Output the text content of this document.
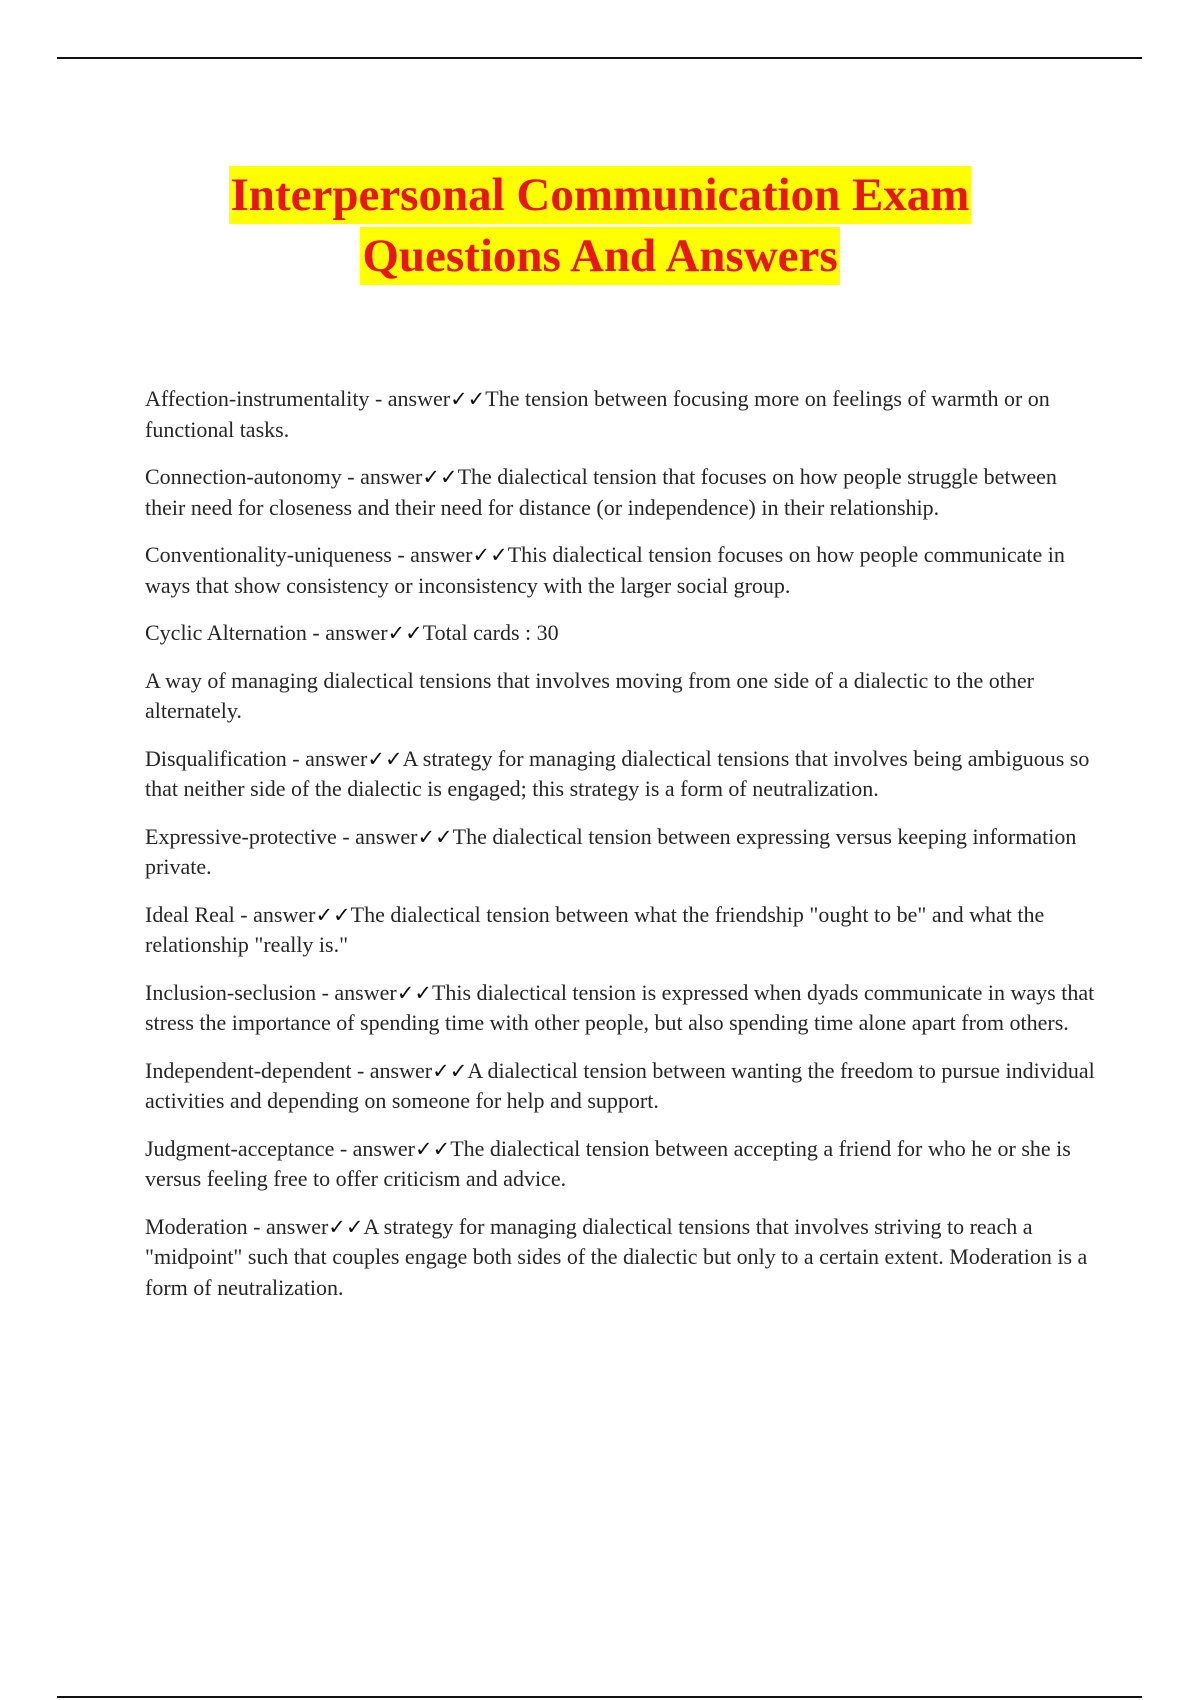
Interpersonal Communication Exam
Questions And Answers

Affection-instrumentality - answer✓✓The tension between focusing more on feelings of warmth or on functional tasks.

Connection-autonomy - answer✓✓The dialectical tension that focuses on how people struggle between their need for closeness and their need for distance (or independence) in their relationship.

Conventionality-uniqueness - answer✓✓This dialectical tension focuses on how people communicate in ways that show consistency or inconsistency with the larger social group.

Cyclic Alternation - answer✓✓Total cards : 30

A way of managing dialectical tensions that involves moving from one side of a dialectic to the other alternately.

Disqualification - answer✓✓A strategy for managing dialectical tensions that involves being ambiguous so that neither side of the dialectic is engaged; this strategy is a form of neutralization.

Expressive-protective - answer✓✓The dialectical tension between expressing versus keeping information private.

Ideal Real - answer✓✓The dialectical tension between what the friendship "ought to be" and what the relationship "really is."

Inclusion-seclusion - answer✓✓This dialectical tension is expressed when dyads communicate in ways that stress the importance of spending time with other people, but also spending time alone apart from others.

Independent-dependent - answer✓✓A dialectical tension between wanting the freedom to pursue individual activities and depending on someone for help and support.

Judgment-acceptance - answer✓✓The dialectical tension between accepting a friend for who he or she is versus feeling free to offer criticism and advice.

Moderation - answer✓✓A strategy for managing dialectical tensions that involves striving to reach a "midpoint" such that couples engage both sides of the dialectic but only to a certain extent. Moderation is a form of neutralization.
